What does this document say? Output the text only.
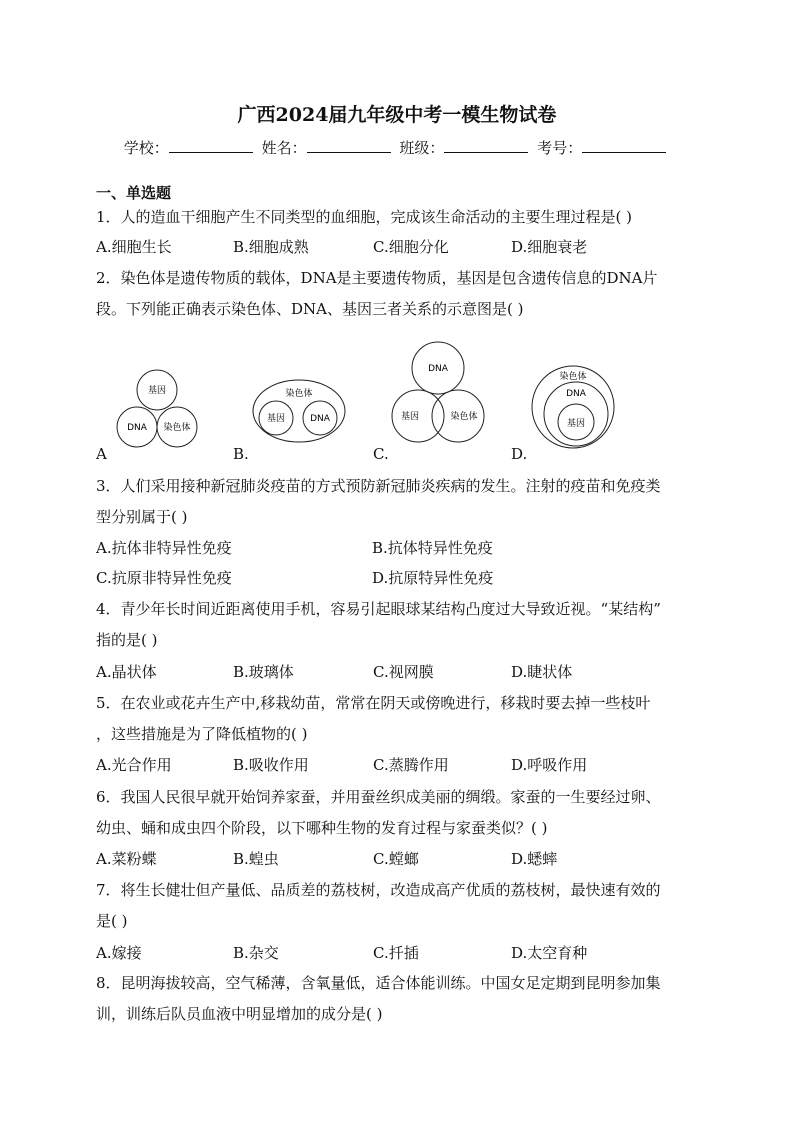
广西2024届九年级中考一模生物试卷
学校：	姓名：	班级：	考号：
一、单选题
1．人的造血干细胞产生不同类型的血细胞，完成该生命活动的主要生理过程是( )
A.细胞生长	B.细胞成熟	C.细胞分化	D.细胞衰老
2．染色体是遗传物质的载体，DNA是主要遗传物质，基因是包含遗传信息的DNA片
段。下列能正确表示染色体、DNA、基因三者关系的示意图是( )
基因
DNA 染色体
染色体
基因	DNA
DNA
基因	染色体
染色体
DNA
基因
A	B.	C.	D.
3．人们采用接种新冠肺炎疫苗的方式预防新冠肺炎疾病的发生。注射的疫苗和免疫类
型分别属于( )
A.抗体非特异性免疫	B.抗体特异性免疫
C.抗原非特异性免疫	D.抗原特异性免疫
4．青少年长时间近距离使用手机，容易引起眼球某结构凸度过大导致近视。“某结构”
指的是( )
A.晶状体	B.玻璃体	C.视网膜	D.睫状体
5．在农业或花卉生产中,移栽幼苗，常常在阴天或傍晚进行，移栽时要去掉一些枝叶
，这些措施是为了降低植物的( )
A.光合作用	B.吸收作用	C.蒸腾作用	D.呼吸作用
6．我国人民很早就开始饲养家蚕，并用蚕丝织成美丽的绸缎。家蚕的一生要经过卵、
幼虫、蛹和成虫四个阶段，以下哪种生物的发育过程与家蚕类似？( )
A.菜粉蝶	B.蝗虫	C.螳螂	D.蟋蟀
7．将生长健壮但产量低、品质差的荔枝树，改造成高产优质的荔枝树，最快速有效的
是( )
A.嫁接	B.杂交	C.扦插	D.太空育种
8．昆明海拔较高，空气稀薄，含氧量低，适合体能训练。中国女足定期到昆明参加集
训，训练后队员血液中明显增加的成分是( )
